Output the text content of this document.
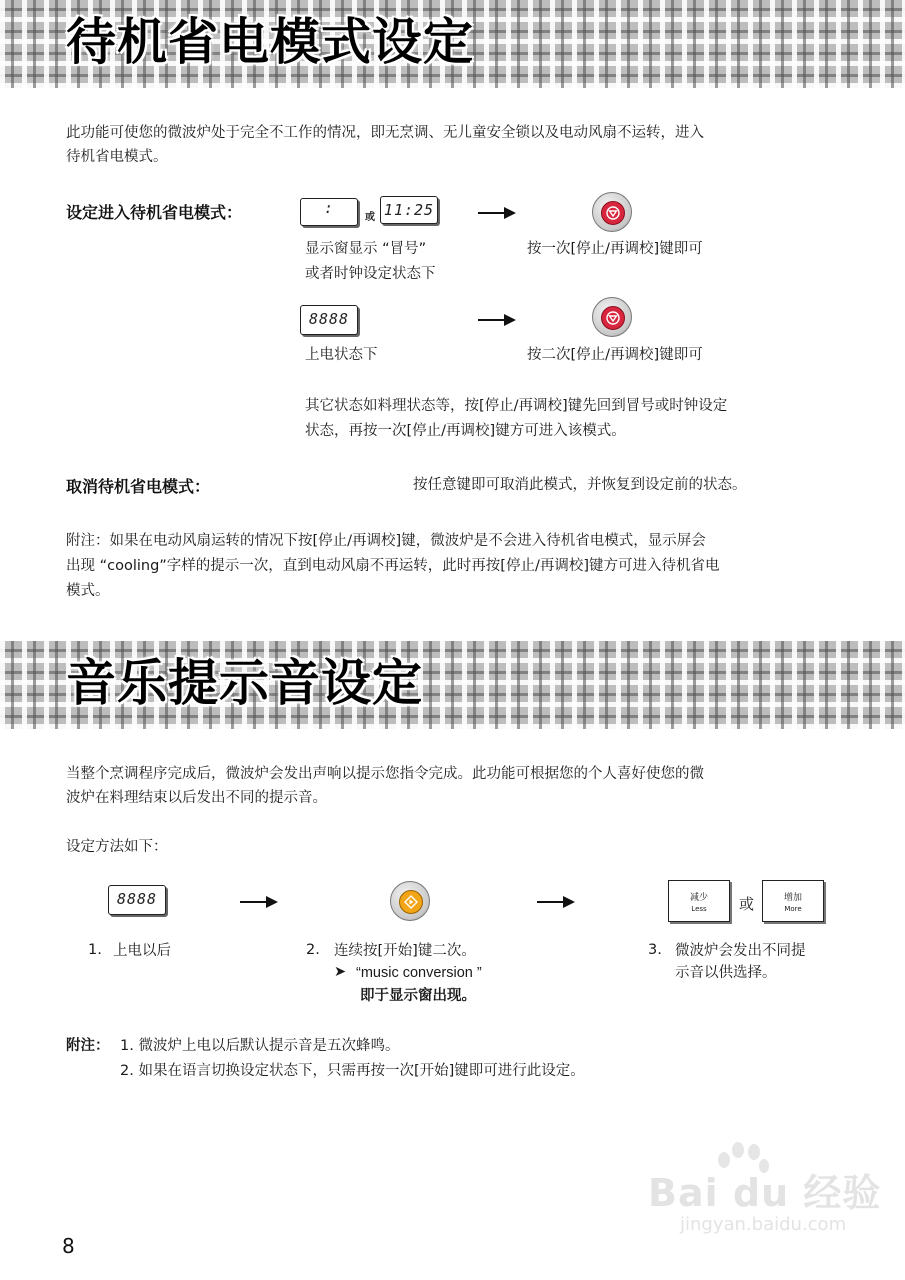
待机省电模式设定
此功能可使您的微波炉处于完全不工作的情况，即无烹调、无儿童安全锁以及电动风扇不运转，进入
待机省电模式。
设定进入待机省电模式：	:
或 11:25
显示窗显示 “冒号”
或者时钟设定状态下
按一次[停止/再调校]键即可
8888
上电状态下	按二次[停止/再调校]键即可
其它状态如料理状态等，按[停止/再调校]键先回到冒号或时钟设定
状态，再按一次[停止/再调校]键方可进入该模式。
取消待机省电模式：	按任意键即可取消此模式，并恢复到设定前的状态。
附注：如果在电动风扇运转的情况下按[停止/再调校]键，微波炉是不会进入待机省电模式，显示屏会
出现 “cooling”字样的提示一次，直到电动风扇不再运转，此时再按[停止/再调校]键方可进入待机省电
模式。
音乐提示音设定
当整个烹调程序完成后，微波炉会发出声响以提示您指令完成。此功能可根据您的个人喜好使您的微
波炉在料理结束以后发出不同的提示音。
设定方法如下：
8888	减少
Less	或	增加
More
1. 上电以后	2. 连续按[开始]键二次。
➤ “music conversion ”
即于显示窗出现。
3. 微波炉会发出不同提
示音以供选择。
附注： 1. 微波炉上电以后默认提示音是五次蜂鸣。
2. 如果在语言切换设定状态下，只需再按一次[开始]键即可进行此设定。
Bai du 经验
jingyan.baidu.com
8
